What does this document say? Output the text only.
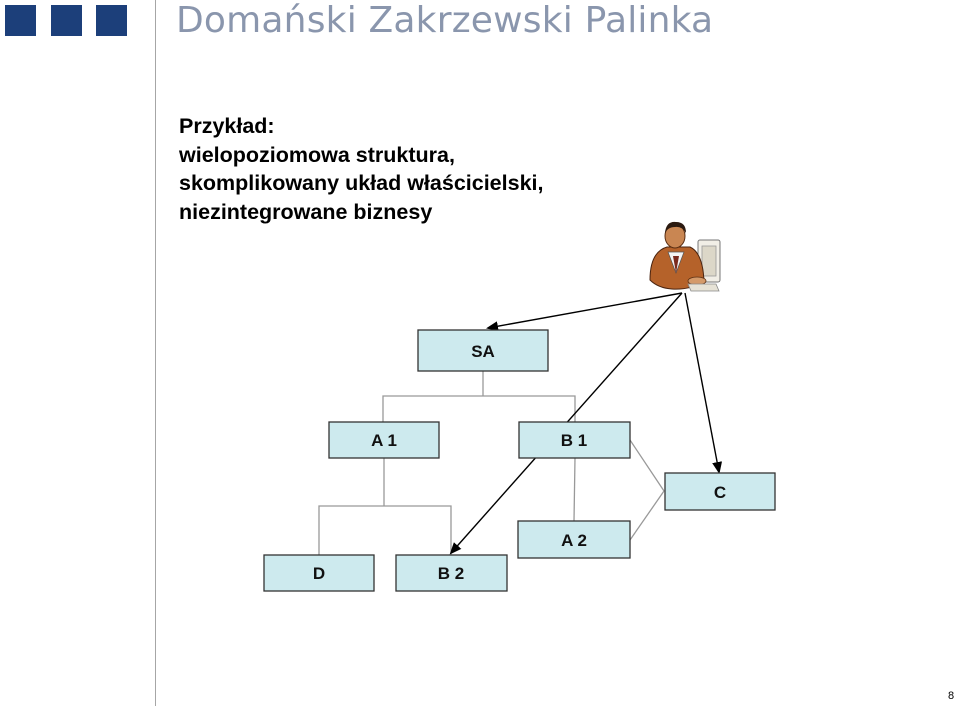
Domański Zakrzewski Palinka
Przykład:
wielopoziomowa struktura,
skomplikowany układ właścicielski,
niezintegrowane biznesy
SA
A 1	B 1
C
A 2
D	B 2
8
